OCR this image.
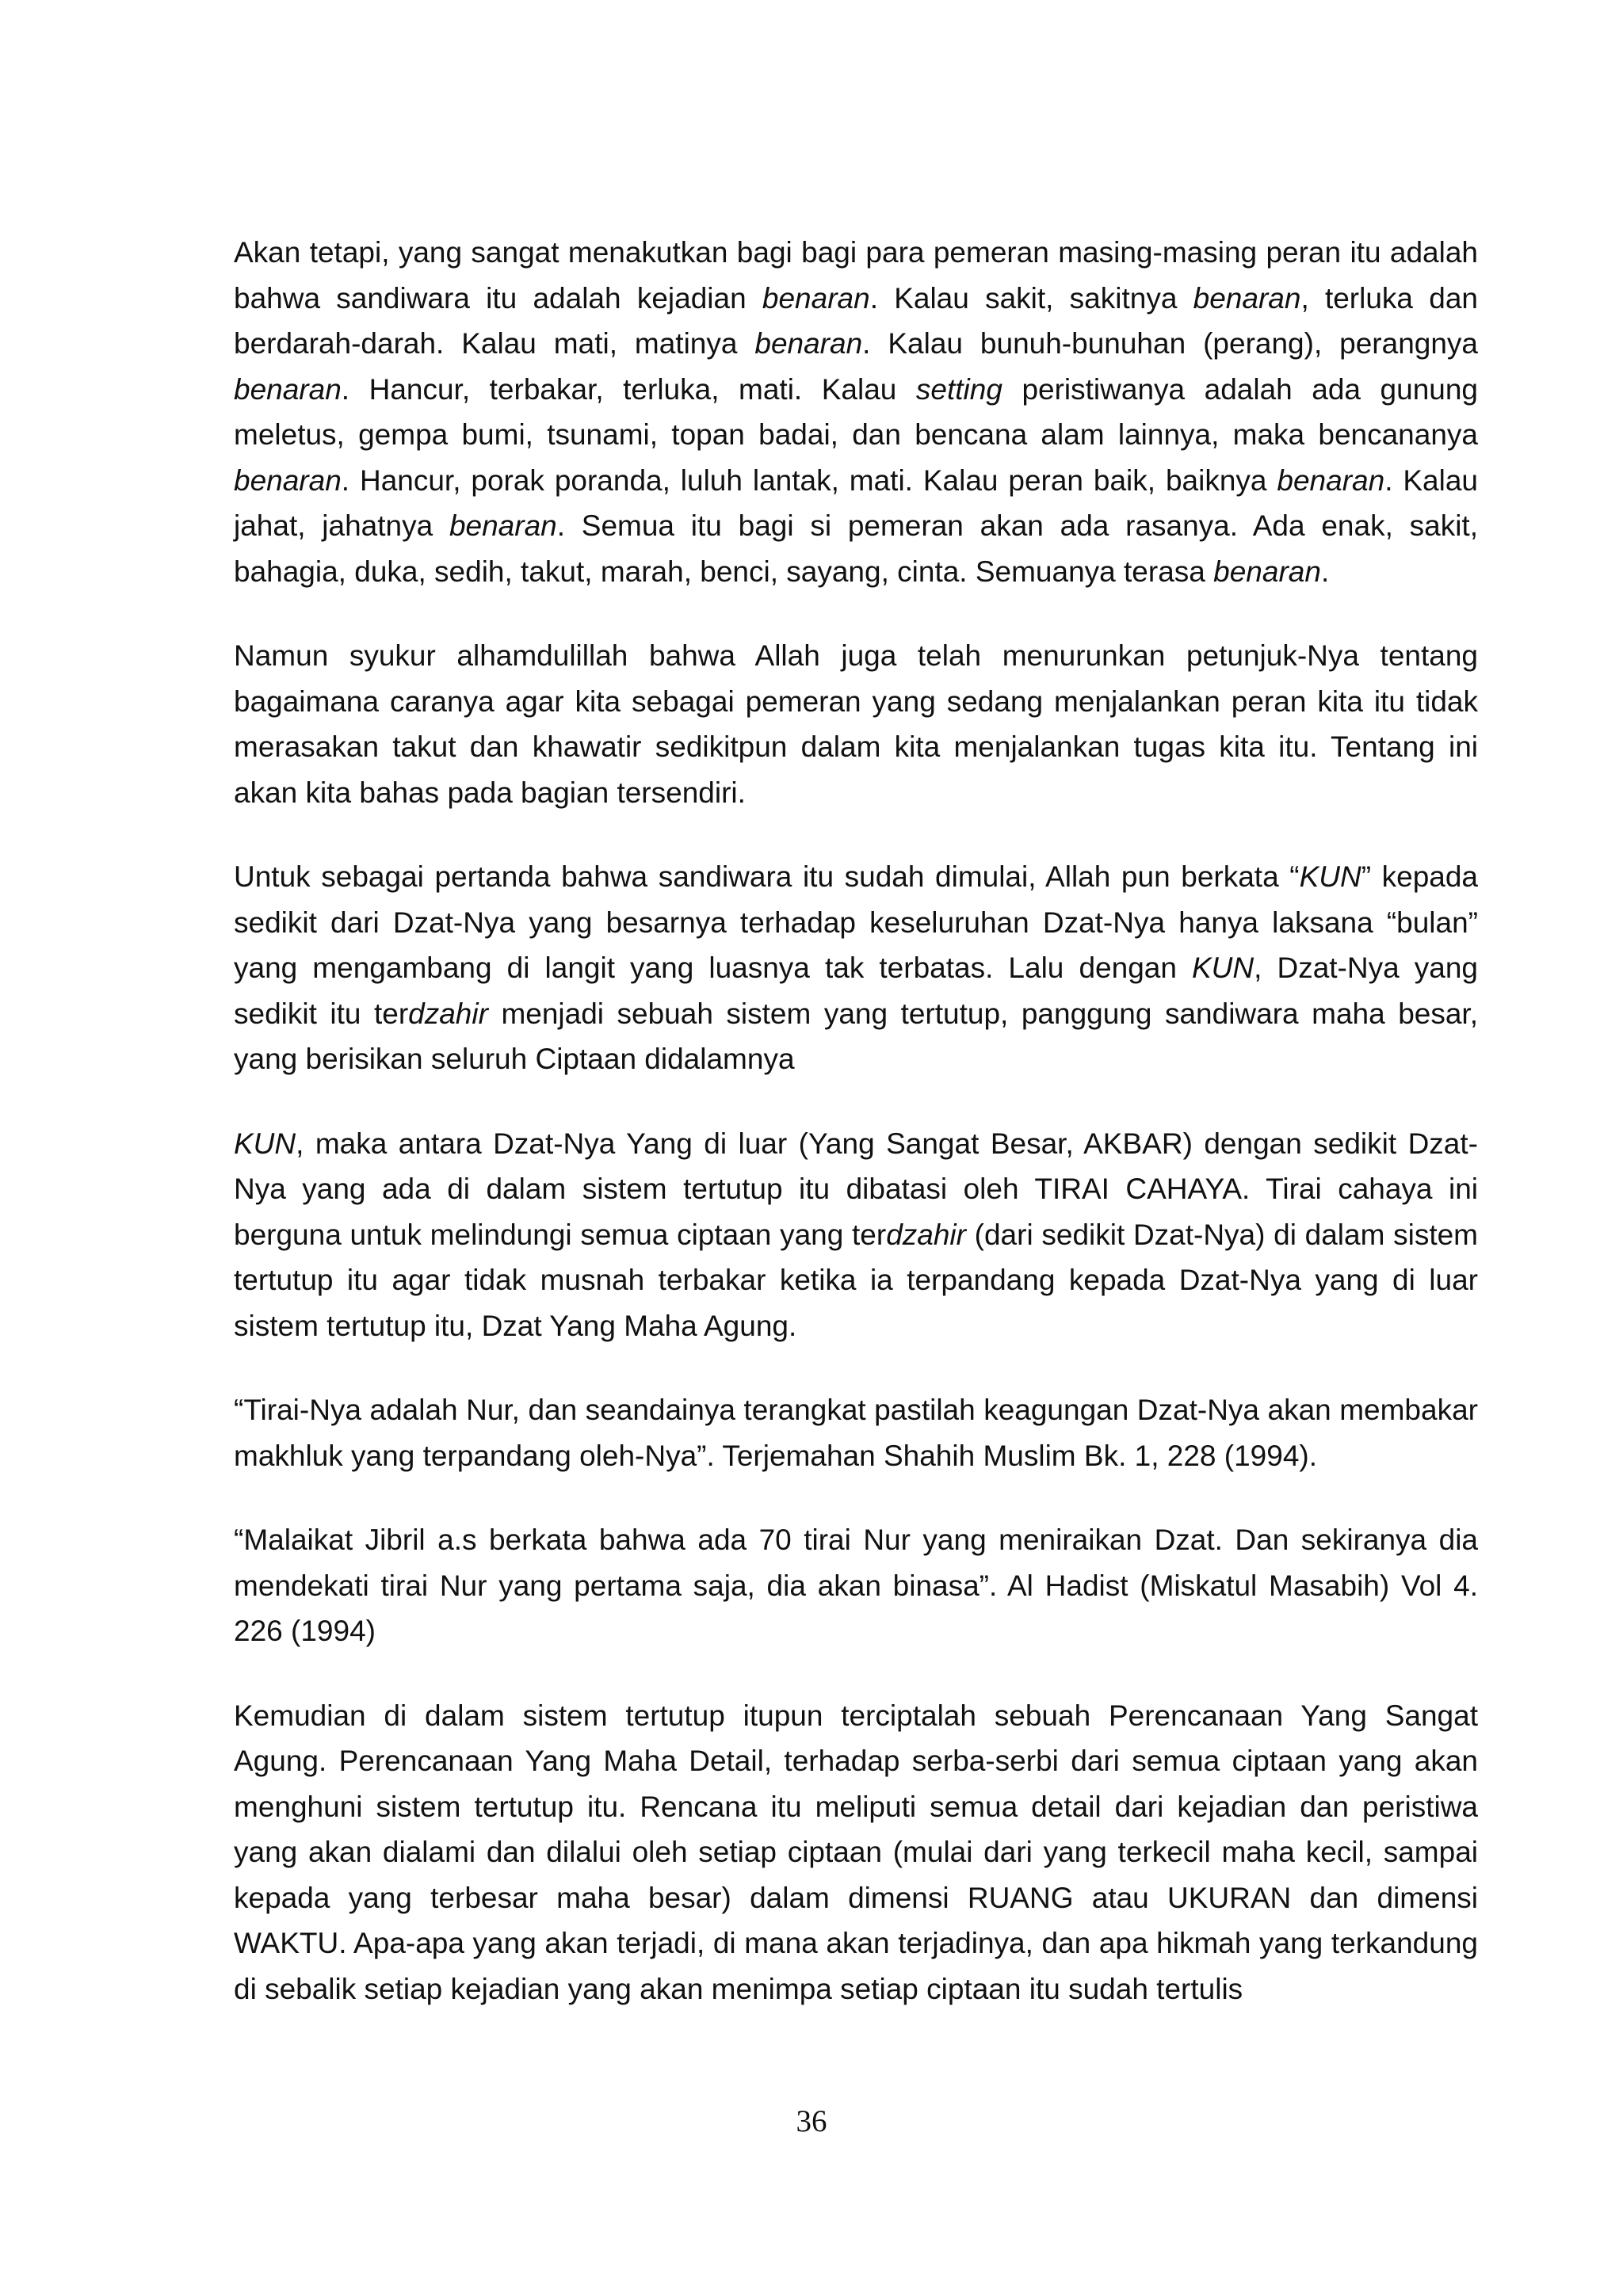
Akan tetapi, yang sangat menakutkan bagi bagi para pemeran masing-masing peran itu adalah bahwa sandiwara itu adalah kejadian benaran. Kalau sakit, sakitnya benaran, terluka dan berdarah-darah. Kalau mati, matinya benaran. Kalau bunuh-bunuhan (perang), perangnya benaran. Hancur, terbakar, terluka, mati. Kalau setting peristiwanya adalah ada gunung meletus, gempa bumi, tsunami, topan badai, dan bencana alam lainnya, maka bencananya benaran. Hancur, porak poranda, luluh lantak, mati. Kalau peran baik, baiknya benaran. Kalau jahat, jahatnya benaran. Semua itu bagi si pemeran akan ada rasanya. Ada enak, sakit, bahagia, duka, sedih, takut, marah, benci, sayang, cinta. Semuanya terasa benaran.

Namun syukur alhamdulillah bahwa Allah juga telah menurunkan petunjuk-Nya tentang bagaimana caranya agar kita sebagai pemeran yang sedang menjalankan peran kita itu tidak merasakan takut dan khawatir sedikitpun dalam kita menjalankan tugas kita itu. Tentang ini akan kita bahas pada bagian tersendiri.

Untuk sebagai pertanda bahwa sandiwara itu sudah dimulai, Allah pun berkata “KUN” kepada sedikit dari Dzat-Nya yang besarnya terhadap keseluruhan Dzat-Nya hanya laksana “bulan” yang mengambang di langit yang luasnya tak terbatas. Lalu dengan KUN, Dzat-Nya yang sedikit itu terdzahir menjadi sebuah sistem yang tertutup, panggung sandiwara maha besar, yang berisikan seluruh Ciptaan didalamnya

KUN, maka antara Dzat-Nya Yang di luar (Yang Sangat Besar, AKBAR) dengan sedikit Dzat-Nya yang ada di dalam sistem tertutup itu dibatasi oleh TIRAI CAHAYA. Tirai cahaya ini berguna untuk melindungi semua ciptaan yang terdzahir (dari sedikit Dzat-Nya) di dalam sistem tertutup itu agar tidak musnah terbakar ketika ia terpandang kepada Dzat-Nya yang di luar sistem tertutup itu, Dzat Yang Maha Agung.

“Tirai-Nya adalah Nur, dan seandainya terangkat pastilah keagungan Dzat-Nya akan membakar makhluk yang terpandang oleh-Nya”. Terjemahan Shahih Muslim Bk. 1, 228 (1994).

“Malaikat Jibril a.s berkata bahwa ada 70 tirai Nur yang meniraikan Dzat. Dan sekiranya dia mendekati tirai Nur yang pertama saja, dia akan binasa”. Al Hadist (Miskatul Masabih) Vol 4. 226 (1994)

Kemudian di dalam sistem tertutup itupun terciptalah sebuah Perencanaan Yang Sangat Agung. Perencanaan Yang Maha Detail, terhadap serba-serbi dari semua ciptaan yang akan menghuni sistem tertutup itu. Rencana itu meliputi semua detail dari kejadian dan peristiwa yang akan dialami dan dilalui oleh setiap ciptaan (mulai dari yang terkecil maha kecil, sampai kepada yang terbesar maha besar) dalam dimensi RUANG atau UKURAN dan dimensi WAKTU. Apa-apa yang akan terjadi, di mana akan terjadinya, dan apa hikmah yang terkandung di sebalik setiap kejadian yang akan menimpa setiap ciptaan itu sudah tertulis

36
